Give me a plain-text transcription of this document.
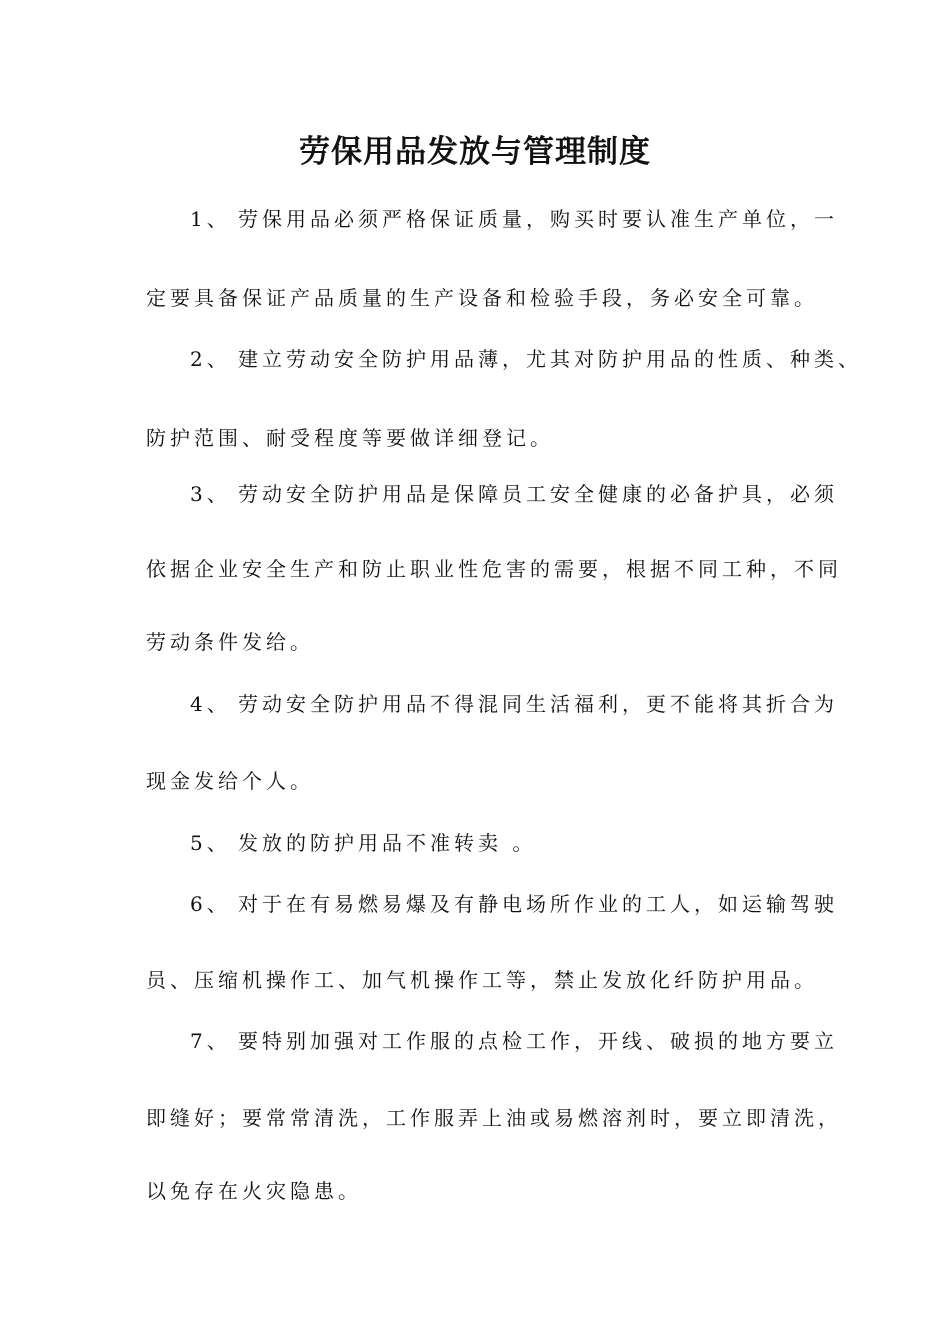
劳保用品发放与管理制度
1、 劳保用品必须严格保证质量，购买时要认准生产单位，一
定要具备保证产品质量的生产设备和检验手段，务必安全可靠。
2、 建立劳动安全防护用品薄，尤其对防护用品的性质、种类、
防护范围、耐受程度等要做详细登记。
3、 劳动安全防护用品是保障员工安全健康的必备护具，必须
依据企业安全生产和防止职业性危害的需要，根据不同工种，不同
劳动条件发给。
4、 劳动安全防护用品不得混同生活福利，更不能将其折合为
现金发给个人。
5、 发放的防护用品不准转卖 。
6、 对于在有易燃易爆及有静电场所作业的工人，如运输驾驶
员、压缩机操作工、加气机操作工等，禁止发放化纤防护用品。
7、 要特别加强对工作服的点检工作，开线、破损的地方要立
即缝好；要常常清洗，工作服弄上油或易燃溶剂时，要立即清洗，
以免存在火灾隐患。
